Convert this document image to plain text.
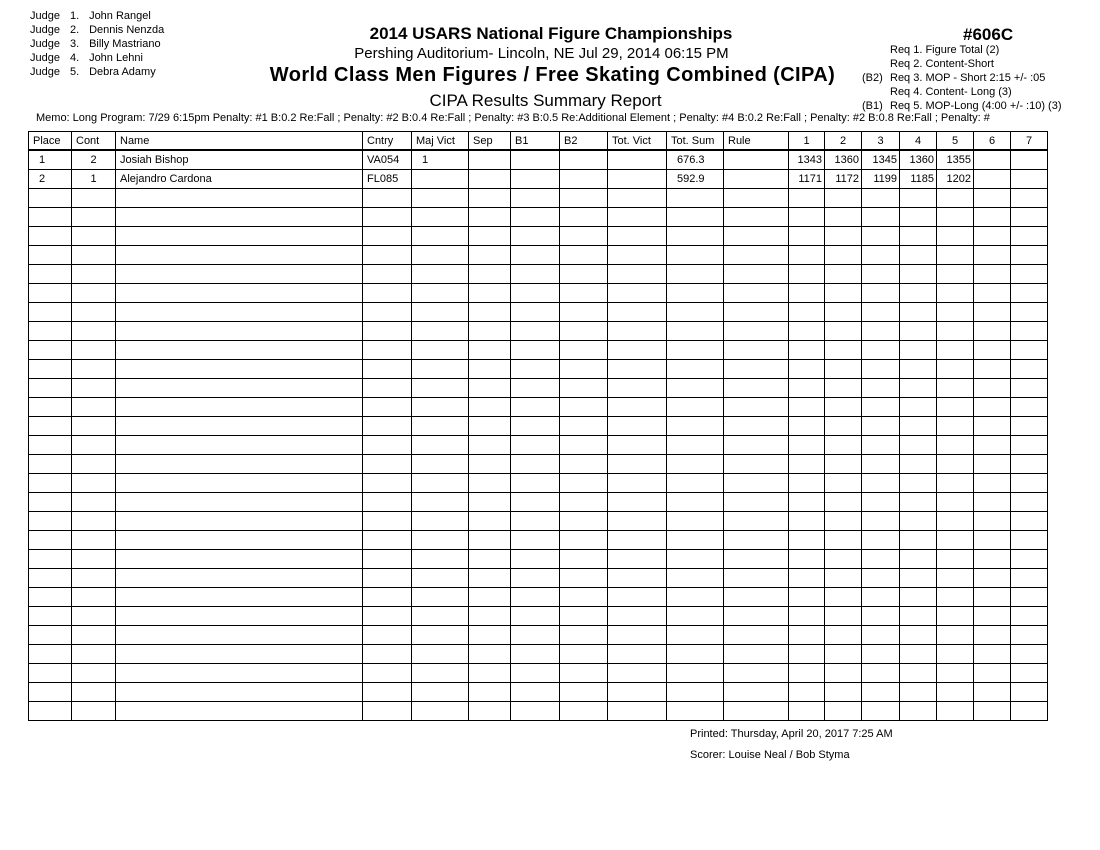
Judge 1. John Rangel
Judge 2. Dennis Nenzda
Judge 3. Billy Mastriano
Judge 4. John Lehni
Judge 5. Debra Adamy
2014 USARS National Figure Championships
Pershing Auditorium- Lincoln, NE Jul 29, 2014 06:15 PM
World Class Men Figures / Free Skating Combined (CIPA)
CIPA Results Summary Report
#606C
Req 1. Figure Total (2)
Req 2. Content-Short
(B2) Req 3. MOP - Short 2:15 +/- :05
Req 4. Content- Long (3)
(B1) Req 5. MOP-Long (4:00 +/- :10) (3)
Memo: Long Program: 7/29 6:15pm Penalty: #1 B:0.2 Re:Fall ; Penalty: #2 B:0.4 Re:Fall ; Penalty: #3 B:0.5 Re:Additional Element ; Penalty: #4 B:0.2 Re:Fall ; Penalty: #2 B:0.8 Re:Fall ; Penalty: #
Place	Cont	Name	Cntry	Maj Vict	Sep	B1	B2	Tot. Vict	Tot. Sum	Rule	1	2	3	4	5	6	7
1	2	Josiah Bishop	VA054	1					676.3		1343	1360	1345	1360	1355		
2	1	Alejandro Cardona	FL085						592.9		1171	1172	1199	1185	1202		

Printed: Thursday, April 20, 2017 7:25 AM
Scorer: Louise Neal / Bob Styma
